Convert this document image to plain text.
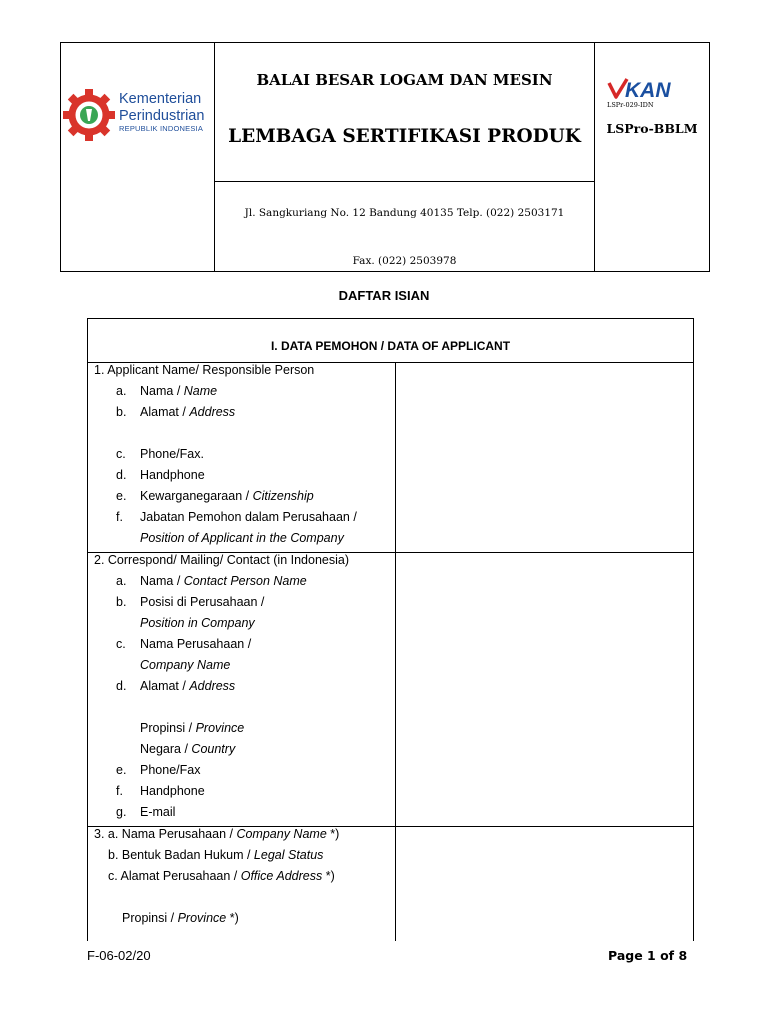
Kementerian
Perindustrian
REPUBLIK INDONESIA
BALAI BESAR LOGAM DAN MESIN
LEMBAGA SERTIFIKASI PRODUK
Jl. Sangkuriang No. 12 Bandung 40135 Telp. (022) 2503171
Fax. (022) 2503978
KAN
LSPr-029-IDN
LSPro-BBLM
DAFTAR ISIAN
I. DATA PEMOHON / DATA OF APPLICANT
1. Applicant Name/ Responsible Person
a. Nama / Name
b. Alamat / Address
c. Phone/Fax.
d. Handphone
e. Kewarganegaraan / Citizenship
f. Jabatan Pemohon dalam Perusahaan /
Position of Applicant in the Company
2. Correspond/ Mailing/ Contact (in Indonesia)
a. Nama / Contact Person Name
b. Posisi di Perusahaan /
Position in Company
c. Nama Perusahaan /
Company Name
d. Alamat / Address
Propinsi / Province
Negara / Country
e. Phone/Fax
f. Handphone
g. E-mail
3. a. Nama Perusahaan / Company Name *)
b. Bentuk Badan Hukum / Legal Status
c. Alamat Perusahaan / Office Address *)
Propinsi / Province *)
F-06-02/20	Page 1 of 8
